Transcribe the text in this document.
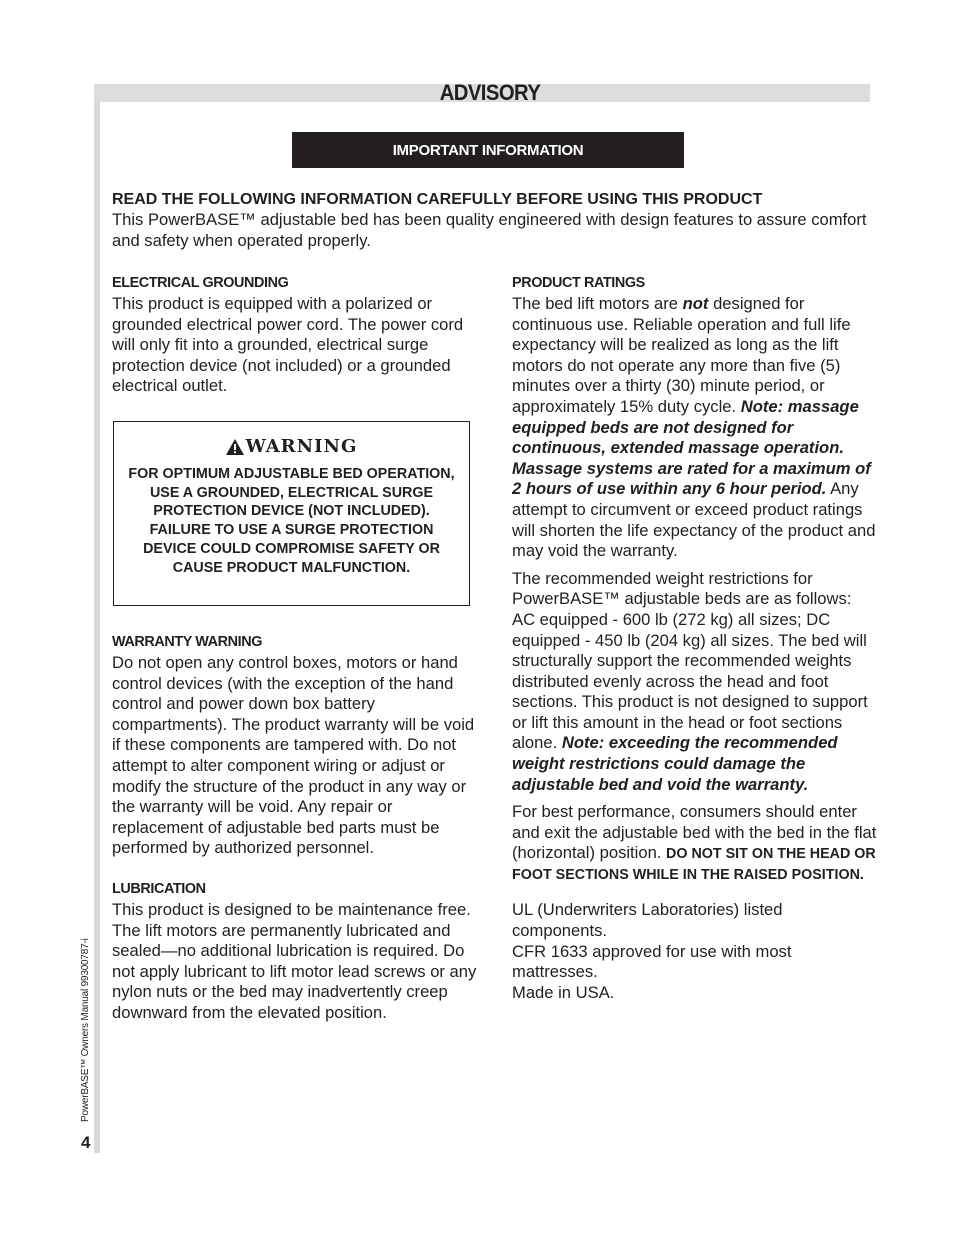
ADVISORY
IMPORTANT INFORMATION

READ THE FOLLOWING INFORMATION CAREFULLY BEFORE USING THIS PRODUCT

This PowerBASE™ adjustable bed has been quality engineered with design features to assure comfort and safety when operated properly.

ELECTRICAL GROUNDING

This product is equipped with a polarized or grounded electrical power cord. The power cord will only fit into a grounded, electrical surge protection device (not included) or a grounded electrical outlet.

WARNING

FOR OPTIMUM ADJUSTABLE BED OPERATION, USE A GROUNDED, ELECTRICAL SURGE PROTECTION DEVICE (NOT INCLUDED). FAILURE TO USE A SURGE PROTECTION DEVICE COULD COMPROMISE SAFETY OR CAUSE PRODUCT MALFUNCTION.

WARRANTY WARNING

Do not open any control boxes, motors or hand control devices (with the exception of the hand control and power down box battery compartments). The product warranty will be void if these components are tampered with. Do not attempt to alter component wiring or adjust or modify the structure of the product in any way or the warranty will be void. Any repair or replacement of adjustable bed parts must be performed by authorized personnel.

LUBRICATION

This product is designed to be maintenance free. The lift motors are permanently lubricated and sealed—no additional lubrication is required. Do not apply lubricant to lift motor lead screws or any nylon nuts or the bed may inadvertently creep downward from the elevated position.

PRODUCT RATINGS

The bed lift motors are not designed for continuous use. Reliable operation and full life expectancy will be realized as long as the lift motors do not operate any more than five (5) minutes over a thirty (30) minute period, or approximately 15% duty cycle. Note: massage equipped beds are not designed for continuous, extended massage operation. Massage systems are rated for a maximum of 2 hours of use within any 6 hour period. Any attempt to circumvent or exceed product ratings will shorten the life expectancy of the product and may void the warranty.

The recommended weight restrictions for PowerBASE™ adjustable beds are as follows: AC equipped - 600 lb (272 kg) all sizes; DC equipped - 450 lb (204 kg) all sizes. The bed will structurally support the recommended weights distributed evenly across the head and foot sections. This product is not designed to support or lift this amount in the head or foot sections alone. Note: exceeding the recommended weight restrictions could damage the adjustable bed and void the warranty.

For best performance, consumers should enter and exit the adjustable bed with the bed in the flat (horizontal) position. DO NOT SIT ON THE HEAD OR FOOT SECTIONS WHILE IN THE RAISED POSITION.

UL (Underwriters Laboratories) listed components.

CFR 1633 approved for use with most mattresses.

Made in USA.

PowerBASE™ Owners Manual 99300787-i
4
